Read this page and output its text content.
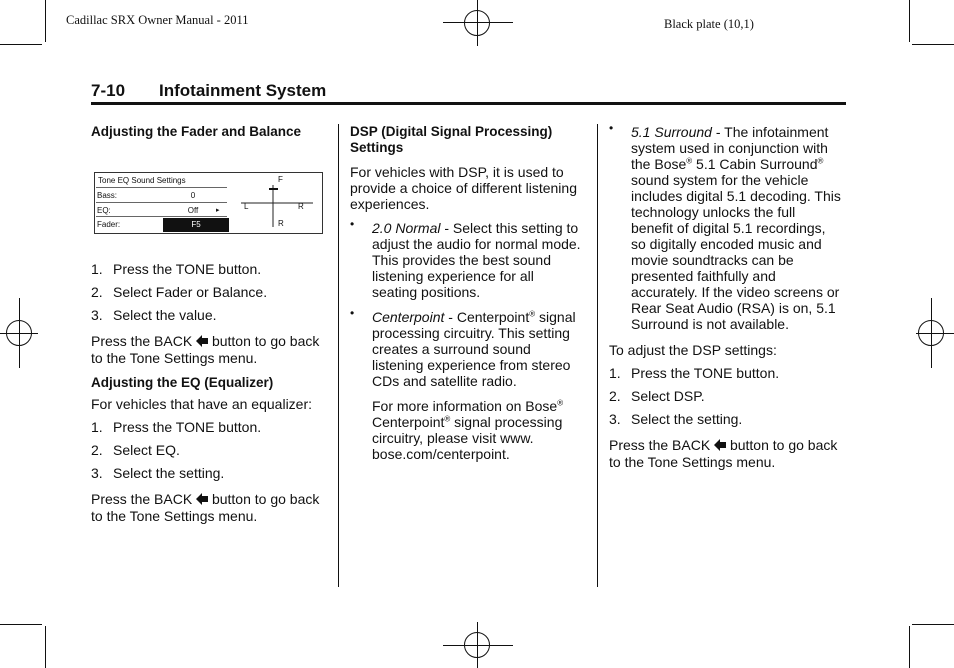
Cadillac SRX Owner Manual - 2011	Black plate (10,1)
7-10 Infotainment System

Adjusting the Fader and Balance

Tone EQ Sound Settings
Bass:	0
EQ:	Off	▸
Fader:	F5
F
L	R
R
1. Press the TONE button.
2. Select Fader or Balance.
3. Select the value.

Press the BACK button to go back to the Tone Settings menu.

Adjusting the EQ (Equalizer)

For vehicles that have an equalizer:

1. Press the TONE button.
2. Select EQ.
3. Select the setting.

Press the BACK button to go back to the Tone Settings menu.

DSP (Digital Signal Processing) Settings

For vehicles with DSP, it is used to provide a choice of different listening experiences.

• 2.0 Normal - Select this setting to adjust the audio for normal mode. This provides the best sound listening experience for all seating positions.
• Centerpoint - Centerpoint® signal processing circuitry. This setting creates a surround sound listening experience from stereo CDs and satellite radio.
For more information on Bose®
Centerpoint® signal processing circuitry, please visit www. bose.com/centerpoint.
• 5.1 Surround - The infotainment system used in conjunction with the Bose® 5.1 Cabin Surround® sound system for the vehicle includes digital 5.1 decoding. This technology unlocks the full benefit of digital 5.1 recordings, so digitally encoded music and movie soundtracks can be presented faithfully and accurately. If the video screens or Rear Seat Audio (RSA) is on, 5.1 Surround is not available.

To adjust the DSP settings:

1. Press the TONE button.
2. Select DSP.
3. Select the setting.

Press the BACK button to go back to the Tone Settings menu.
